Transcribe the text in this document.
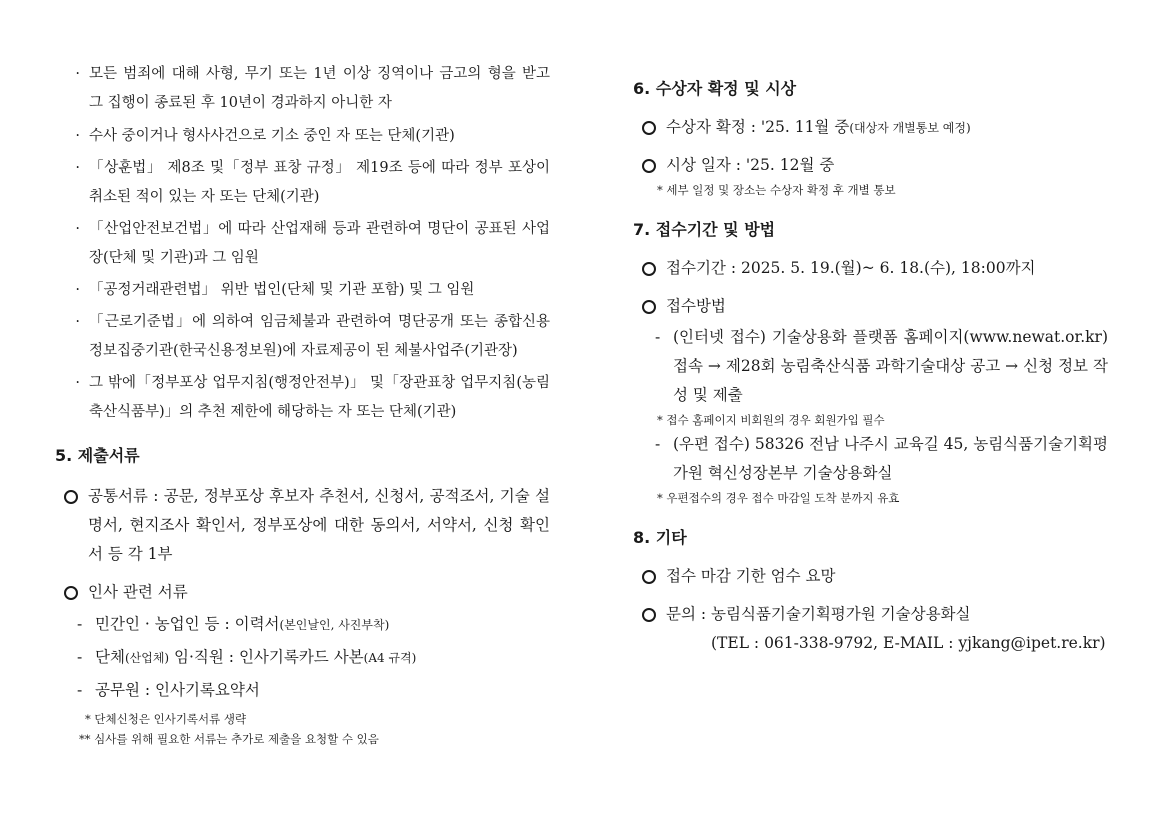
· 모든 범죄에 대해 사형, 무기 또는 1년 이상 징역이나 금고의 형을 받고 그 집행이 종료된 후 10년이 경과하지 아니한 자
· 수사 중이거나 형사사건으로 기소 중인 자 또는 단체(기관)
· 「상훈법」 제8조 및「정부 표창 규정」 제19조 등에 따라 정부 포상이 취소된 적이 있는 자 또는 단체(기관)
· 「산업안전보건법」에 따라 산업재해 등과 관련하여 명단이 공표된 사업장(단체 및 기관)과 그 임원
· 「공정거래관련법」 위반 법인(단체 및 기관 포함) 및 그 임원
· 「근로기준법」에 의하여 임금체불과 관련하여 명단공개 또는 종합신용정보집중기관(한국신용정보원)에 자료제공이 된 체불사업주(기관장)
· 그 밖에「정부포상 업무지침(행정안전부)」 및「장관표창 업무지침(농림축산식품부)」의 추천 제한에 해당하는 자 또는 단체(기관)
5. 제출서류
공통서류 : 공문, 정부포상 후보자 추천서, 신청서, 공적조서, 기술 설명서, 현지조사 확인서, 정부포상에 대한 동의서, 서약서, 신청 확인서 등 각 1부
인사 관련 서류
- 민간인 · 농업인 등 : 이력서(본인날인, 사진부착)
- 단체(산업체) 임·직원 : 인사기록카드 사본(A4 규격)
- 공무원 : 인사기록요약서
* 단체신청은 인사기록서류 생략
** 심사를 위해 필요한 서류는 추가로 제출을 요청할 수 있음
6. 수상자 확정 및 시상
수상자 확정 : '25. 11월 중(대상자 개별통보 예정)
시상 일자 : '25. 12월 중
* 세부 일정 및 장소는 수상자 확정 후 개별 통보
7. 접수기간 및 방법
접수기간 : 2025. 5. 19.(월)~ 6. 18.(수), 18:00까지
접수방법
- (인터넷 접수) 기술상용화 플랫폼 홈페이지(www.newat.or.kr) 접속 → 제28회 농림축산식품 과학기술대상 공고 → 신청 정보 작성 및 제출
* 접수 홈페이지 비회원의 경우 회원가입 필수
- (우편 접수) 58326 전남 나주시 교육길 45, 농림식품기술기획평가원 혁신성장본부 기술상용화실
* 우편접수의 경우 접수 마감일 도착 분까지 유효
8. 기타
접수 마감 기한 엄수 요망
문의 : 농림식품기술기획평가원 기술상용화실
(TEL : 061-338-9792, E-MAIL : yjkang@ipet.re.kr)
